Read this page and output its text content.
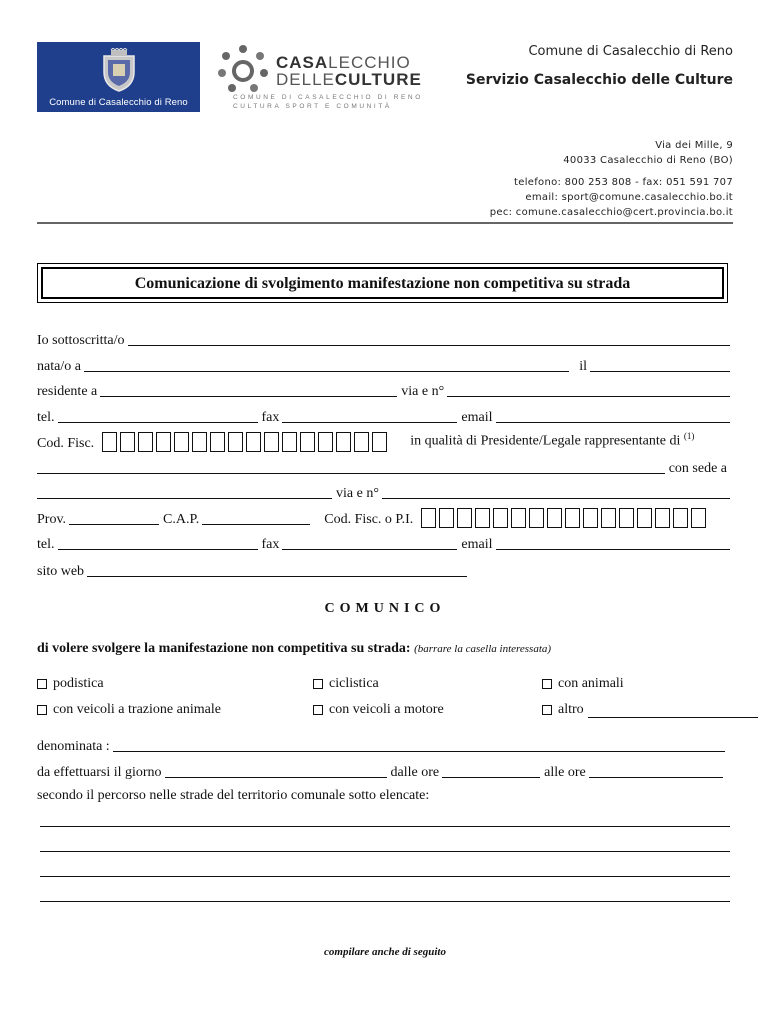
Comune di Casalecchio di Reno
CASALECCHIO
DELLECULTURE
COMUNE DI CASALECCHIO DI RENO
CULTURA SPORT E COMUNITÀ
Comune di Casalecchio di Reno
Servizio Casalecchio delle Culture
Via dei Mille, 9
40033 Casalecchio di Reno (BO)
telefono: 800 253 808 - fax: 051 591 707
email: sport@comune.casalecchio.bo.it
pec: comune.casalecchio@cert.provincia.bo.it
Comunicazione di svolgimento manifestazione non competitiva su strada
Io sottoscritta/o
nata/o a	il
residente a	via e n°
tel.	fax	email
Cod. Fisc.	in qualità di Presidente/Legale rappresentante di $^{(1)}$
con sede a
via e n°
Prov.	C.A.P.	Cod. Fisc. o P.I.
tel.	fax	email
sito web
COMUNICO
di volere svolgere la manifestazione non competitiva su strada: (barrare la casella interessata)
podistica	ciclistica	con animali
con veicoli a trazione animale	con veicoli a motore	altro
denominata :
da effettuarsi il giorno	dalle ore	alle ore
secondo il percorso nelle strade del territorio comunale sotto elencate:
compilare anche di seguito
